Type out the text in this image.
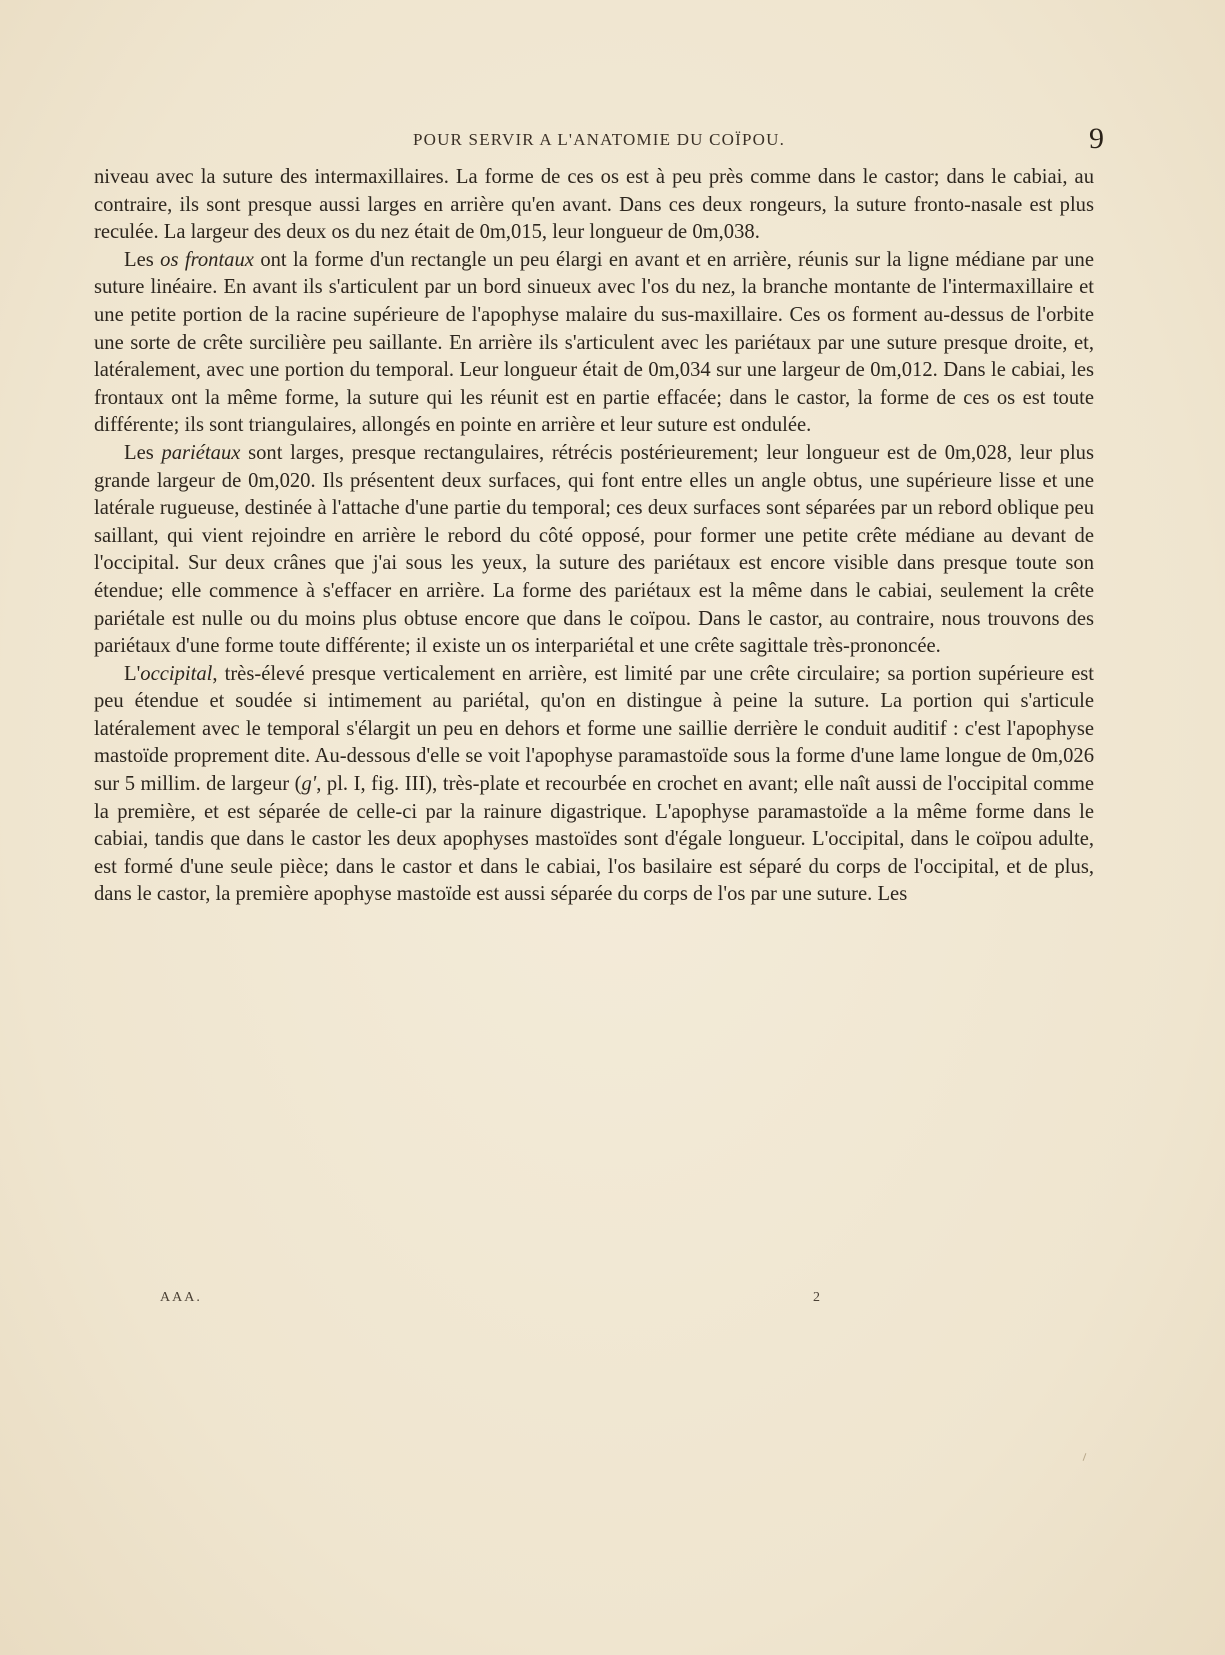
POUR SERVIR A L'ANATOMIE DU COÏPOU.	9

niveau avec la suture des intermaxillaires. La forme de ces os est à peu près comme dans le castor; dans le cabiai, au contraire, ils sont presque aussi larges en arrière qu'en avant. Dans ces deux rongeurs, la suture fronto-nasale est plus reculée. La largeur des deux os du nez était de 0m,015, leur longueur de 0m,038.

Les os frontaux ont la forme d'un rectangle un peu élargi en avant et en arrière, réunis sur la ligne médiane par une suture linéaire. En avant ils s'articulent par un bord sinueux avec l'os du nez, la branche montante de l'intermaxillaire et une petite portion de la racine supérieure de l'apophyse malaire du sus-maxillaire. Ces os forment au-dessus de l'orbite une sorte de crête surcilière peu saillante. En arrière ils s'articulent avec les pariétaux par une suture presque droite, et, latéralement, avec une portion du temporal. Leur longueur était de 0m,034 sur une largeur de 0m,012. Dans le cabiai, les frontaux ont la même forme, la suture qui les réunit est en partie effacée; dans le castor, la forme de ces os est toute différente; ils sont triangulaires, allongés en pointe en arrière et leur suture est ondulée.

Les pariétaux sont larges, presque rectangulaires, rétrécis postérieurement; leur longueur est de 0m,028, leur plus grande largeur de 0m,020. Ils présentent deux surfaces, qui font entre elles un angle obtus, une supérieure lisse et une latérale rugueuse, destinée à l'attache d'une partie du temporal; ces deux surfaces sont séparées par un rebord oblique peu saillant, qui vient rejoindre en arrière le rebord du côté opposé, pour former une petite crête médiane au devant de l'occipital. Sur deux crânes que j'ai sous les yeux, la suture des pariétaux est encore visible dans presque toute son étendue; elle commence à s'effacer en arrière. La forme des pariétaux est la même dans le cabiai, seulement la crête pariétale est nulle ou du moins plus obtuse encore que dans le coïpou. Dans le castor, au contraire, nous trouvons des pariétaux d'une forme toute différente; il existe un os interpariétal et une crête sagittale très-prononcée.

L'occipital, très-élevé presque verticalement en arrière, est limité par une crête circulaire; sa portion supérieure est peu étendue et soudée si intimement au pariétal, qu'on en distingue à peine la suture. La portion qui s'articule latéralement avec le temporal s'élargit un peu en dehors et forme une saillie derrière le conduit auditif : c'est l'apophyse mastoïde proprement dite. Au-dessous d'elle se voit l'apophyse paramastoïde sous la forme d'une lame longue de 0m,026 sur 5 millim. de largeur (g', pl. I, fig. III), très-plate et recourbée en crochet en avant; elle naît aussi de l'occipital comme la première, et est séparée de celle-ci par la rainure digastrique. L'apophyse paramastoïde a la même forme dans le cabiai, tandis que dans le castor les deux apophyses mastoïdes sont d'égale longueur. L'occipital, dans le coïpou adulte, est formé d'une seule pièce; dans le castor et dans le cabiai, l'os basilaire est séparé du corps de l'occipital, et de plus, dans le castor, la première apophyse mastoïde est aussi séparée du corps de l'os par une suture. Les

AAA.	2
